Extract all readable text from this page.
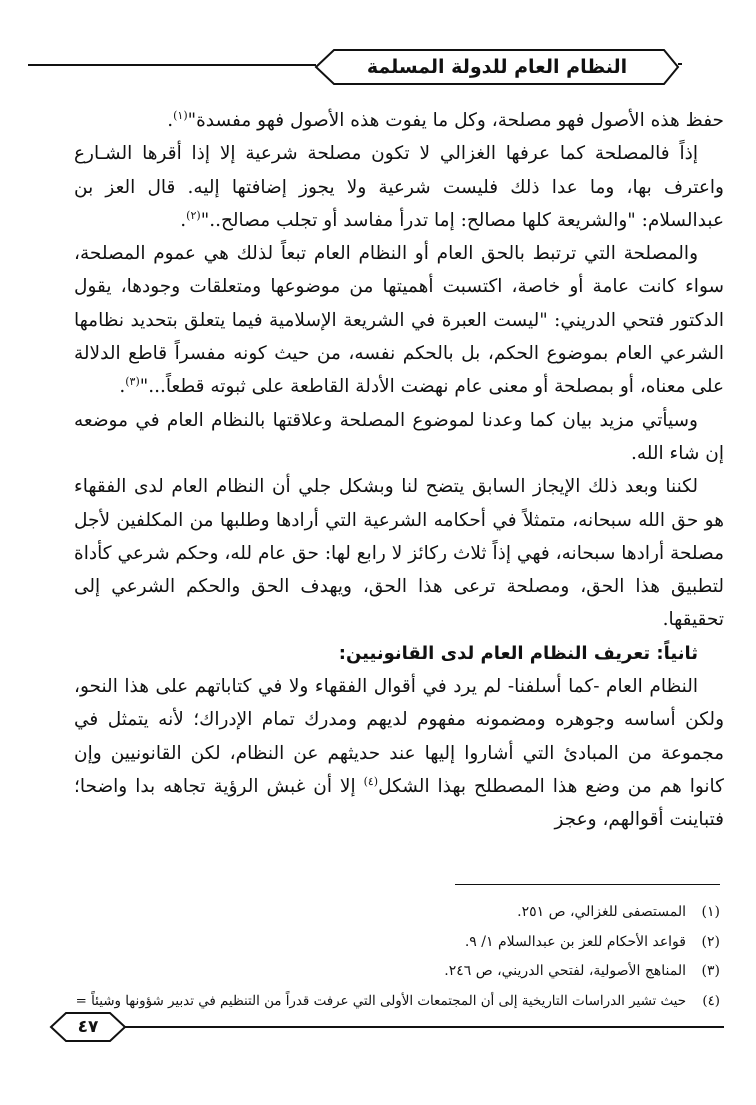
النظام العام للدولة المسلمة

حفظ هذه الأصول فهو مصلحة، وكل ما يفوت هذه الأصول فهو مفسدة"$^{(١)}$.

إذاً فالمصلحة كما عرفها الغزالي لا تكون مصلحة شرعية إلا إذا أقرها الشـارع واعترف بها، وما عدا ذلك فليست شرعية ولا يجوز إضافتها إليه. قال العز بن عبدالسلام: "والشريعة كلها مصالح: إما تدرأ مفاسد أو تجلب مصالح.."$^{(٢)}$.

والمصلحة التي ترتبط بالحق العام أو النظام العام تبعاً لذلك هي عموم المصلحة، سواء كانت عامة أو خاصة، اكتسبت أهميتها من موضوعها ومتعلقات وجودها، يقول الدكتور فتحي الدريني: "ليست العبرة في الشريعة الإسلامية فيما يتعلق بتحديد نظامها الشرعي العام بموضوع الحكم، بل بالحكم نفسه، من حيث كونه مفسراً قاطع الدلالة على معناه، أو بمصلحة أو معنى عام نهضت الأدلة القاطعة على ثبوته قطعاً..."$^{(٣)}$.

وسيأتي مزيد بيان كما وعدنا لموضوع المصلحة وعلاقتها بالنظام العام في موضعه إن شاء الله.

لكننا وبعد ذلك الإيجاز السابق يتضح لنا وبشكل جلي أن النظام العام لدى الفقهاء هو حق الله سبحانه، متمثلاً في أحكامه الشرعية التي أرادها وطلبها من المكلفين لأجل مصلحة أرادها سبحانه، فهي إذاً ثلاث ركائز لا رابع لها: حق عام لله، وحكم شرعي كأداة لتطبيق هذا الحق، ومصلحة ترعى هذا الحق، ويهدف الحق والحكم الشرعي إلى تحقيقها.

ثانياً: تعريف النظام العام لدى القانونيين:

النظام العام -كما أسلفنا- لم يرد في أقوال الفقهاء ولا في كتاباتهم على هذا النحو، ولكن أساسه وجوهره ومضمونه مفهوم لديهم ومدرك تمام الإدراك؛ لأنه يتمثل في مجموعة من المبادئ التي أشاروا إليها عند حديثهم عن النظام، لكن القانونيين وإن كانوا هم من وضع هذا المصطلح بهذا الشكل$^{(٤)}$ إلا أن غبش الرؤية تجاهه بدا واضحا؛ فتباينت أقوالهم، وعجز

(١)المستصفى للغزالي، ص ٢٥١.

(٢)قواعد الأحكام للعز بن عبدالسلام ١/ ٩.

(٣)المناهج الأصولية، لفتحي الدريني، ص ٢٤٦.

(٤)حيث تشير الدراسات التاريخية إلى أن المجتمعات الأولى التي عرفت قدراً من التنظيم في تدبير شؤونها وشيئاً =

٤٧
